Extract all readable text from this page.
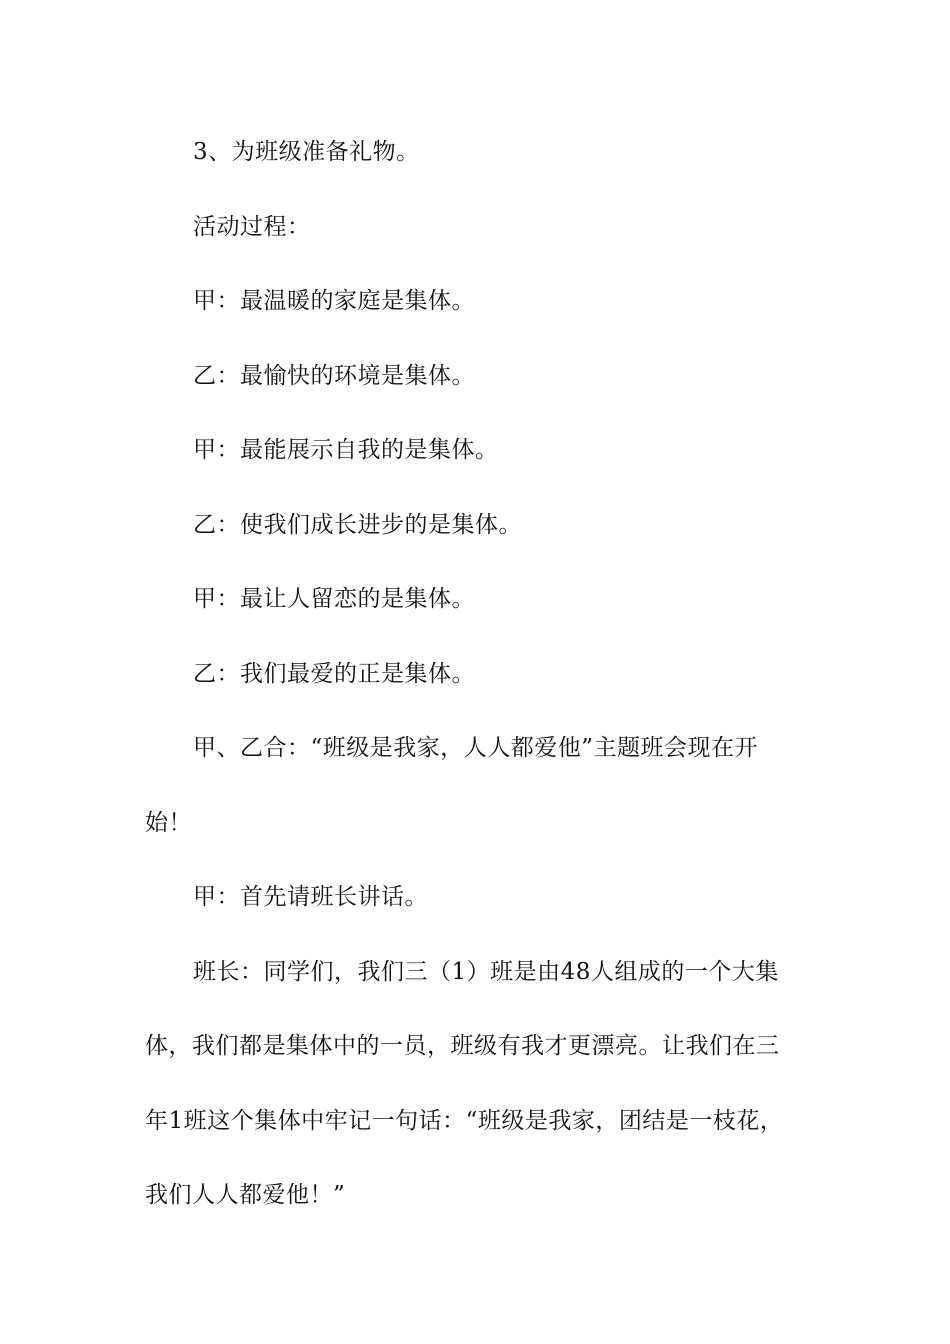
3、为班级准备礼物。
活动过程：
甲：最温暖的家庭是集体。
乙：最愉快的环境是集体。
甲：最能展示自我的是集体。
乙：使我们成长进步的是集体。
甲：最让人留恋的是集体。
乙：我们最爱的正是集体。
甲、乙合：“班级是我家，人人都爱他”主题班会现在开
始！
甲：首先请班长讲话。
班长：同学们，我们三（1）班是由48人组成的一个大集
体，我们都是集体中的一员，班级有我才更漂亮。让我们在三
年1班这个集体中牢记一句话：“班级是我家，团结是一枝花，
我们人人都爱他！”
